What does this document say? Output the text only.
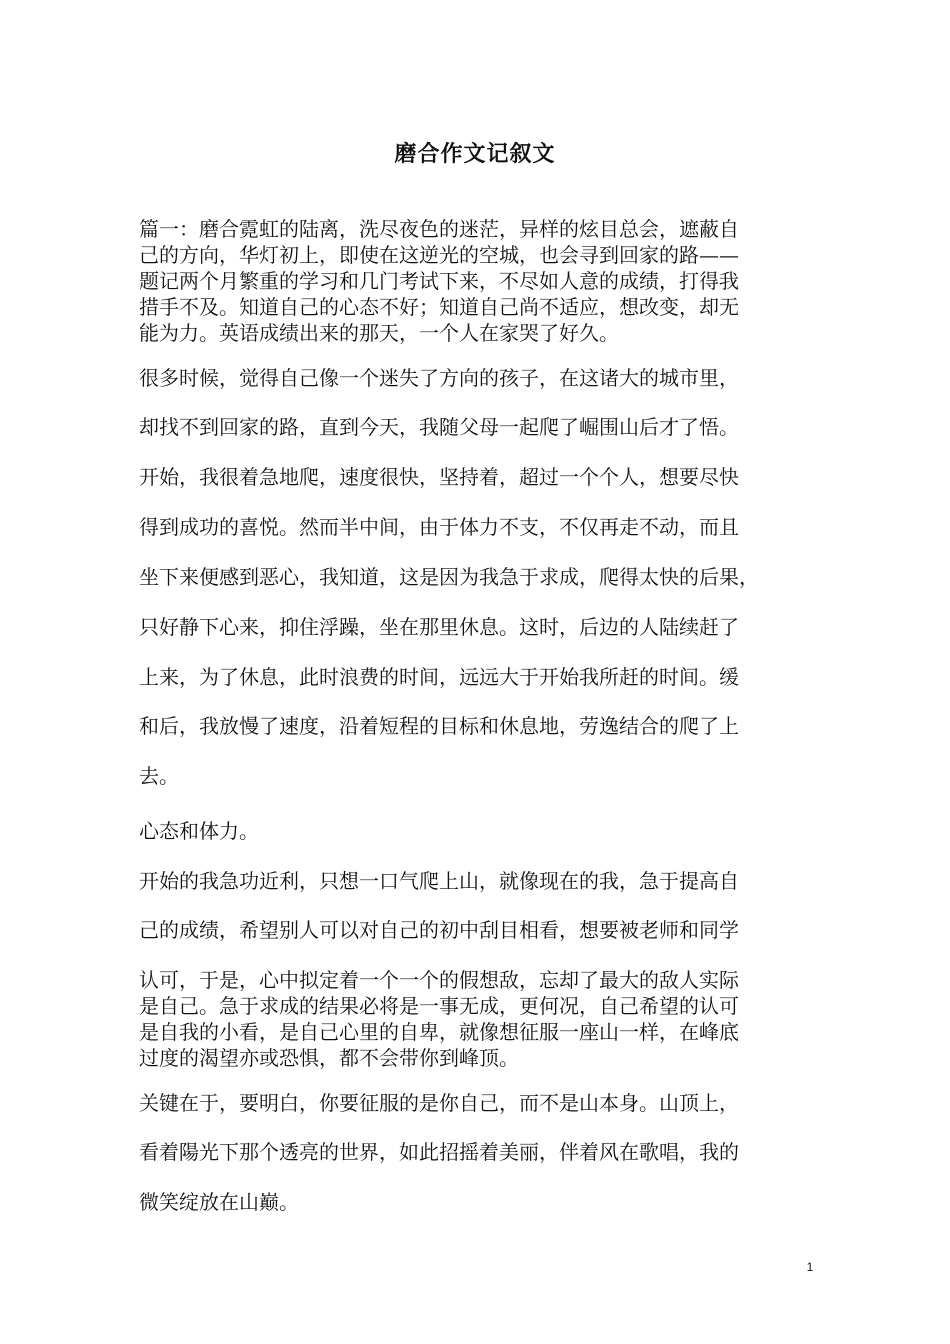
磨合作文记叙文
篇一：磨合霓虹的陆离，洗尽夜色的迷茫，异样的炫目总会，遮蔽自
己的方向，华灯初上，即使在这逆光的空城，也会寻到回家的路——
题记两个月繁重的学习和几门考试下来，不尽如人意的成绩，打得我
措手不及。知道自己的心态不好；知道自己尚不适应，想改变，却无
能为力。英语成绩出来的那天，一个人在家哭了好久。
很多时候，觉得自己像一个迷失了方向的孩子，在这诸大的城市里，
却找不到回家的路，直到今天，我随父母一起爬了崛围山后才了悟。
开始，我很着急地爬，速度很快，坚持着，超过一个个人，想要尽快
得到成功的喜悦。然而半中间，由于体力不支，不仅再走不动，而且
坐下来便感到恶心，我知道，这是因为我急于求成，爬得太快的后果，
只好静下心来，抑住浮躁，坐在那里休息。这时，后边的人陆续赶了
上来，为了休息，此时浪费的时间，远远大于开始我所赶的时间。缓
和后，我放慢了速度，沿着短程的目标和休息地，劳逸结合的爬了上
去。
心态和体力。
开始的我急功近利，只想一口气爬上山，就像现在的我，急于提高自
己的成绩，希望别人可以对自己的初中刮目相看，想要被老师和同学
认可，于是，心中拟定着一个一个的假想敌，忘却了最大的敌人实际
是自己。急于求成的结果必将是一事无成，更何况，自己希望的认可
是自我的小看，是自己心里的自卑，就像想征服一座山一样，在峰底
过度的渴望亦或恐惧，都不会带你到峰顶。
关键在于，要明白，你要征服的是你自己，而不是山本身。山顶上，
看着陽光下那个透亮的世界，如此招摇着美丽，伴着风在歌唱，我的
微笑绽放在山巅。
1
